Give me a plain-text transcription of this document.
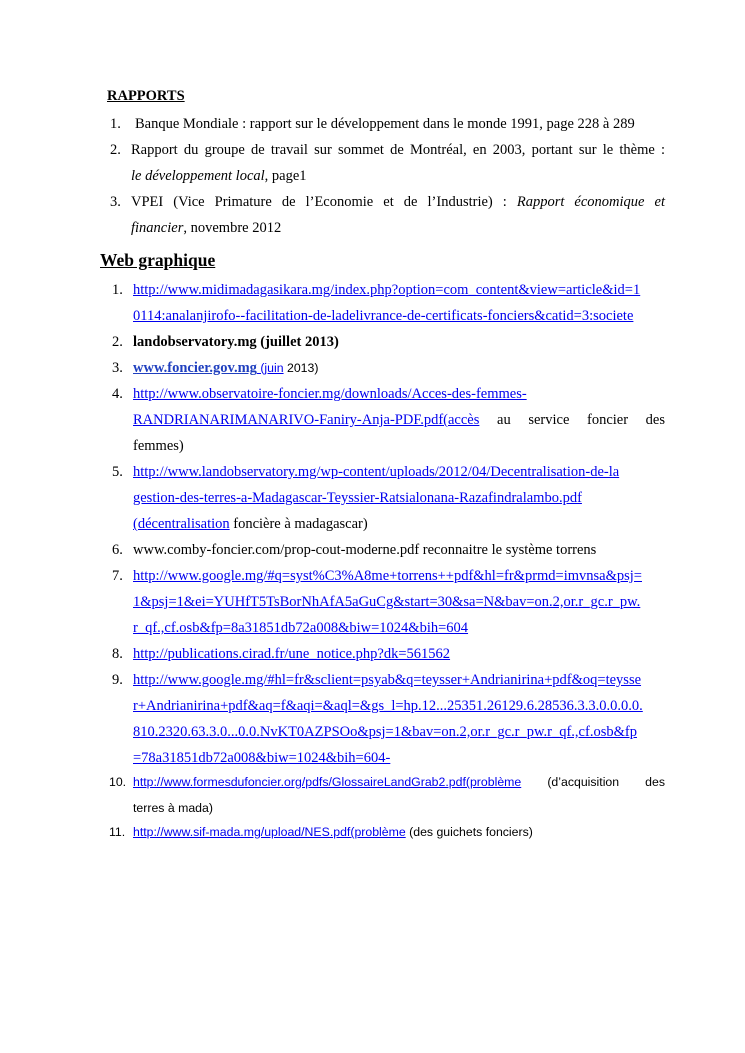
RAPPORTS
1. Banque Mondiale : rapport sur le développement dans le monde 1991, page 228 à 289
2. Rapport du groupe de travail sur sommet de Montréal, en 2003, portant sur le thème :
le développement local, page1
3. VPEI (Vice Primature de l’Economie et de l’Industrie) : Rapport économique et
financier, novembre 2012
Web graphique
1. http://www.midimadagasikara.mg/index.php?option=com_content&view=article&id=1
0114:analanjirofo--facilitation-de-ladelivrance-de-certificats-fonciers&catid=3:societe
2. landobservatory.mg (juillet 2013)
3. www.foncier.gov.mg (juin 2013)
4. http://www.observatoire-foncier.mg/downloads/Acces-des-femmes-
RANDRIANARIMANARIVO-Faniry-Anja-PDF.pdf(accès au service foncier des
femmes)
5. http://www.landobservatory.mg/wp-content/uploads/2012/04/Decentralisation-de-la
gestion-des-terres-a-Madagascar-Teyssier-Ratsialonana-Razafindralambo.pdf
(décentralisation foncière à madagascar)
6. www.comby-foncier.com/prop-cout-moderne.pdf reconnaitre le système torrens
7. http://www.google.mg/#q=syst%C3%A8me+torrens++pdf&hl=fr&prmd=imvnsa&psj=
1&psj=1&ei=YUHfT5TsBorNhAfA5aGuCg&start=30&sa=N&bav=on.2,or.r_gc.r_pw.
r_qf.,cf.osb&fp=8a31851db72a008&biw=1024&bih=604
8. http://publications.cirad.fr/une_notice.php?dk=561562
9. http://www.google.mg/#hl=fr&sclient=psyab&q=teysser+Andrianirina+pdf&oq=teysse
r+Andrianirina+pdf&aq=f&aqi=&aql=&gs_l=hp.12...25351.26129.6.28536.3.3.0.0.0.0.
810.2320.63.3.0...0.0.NvKT0AZPSOo&psj=1&bav=on.2,or.r_gc.r_pw.r_qf.,cf.osb&fp
=78a31851db72a008&biw=1024&bih=604-
10. http://www.formesdufoncier.org/pdfs/GlossaireLandGrab2.pdf(problème (d’acquisition des
terres à mada)
11. http://www.sif-mada.mg/upload/NES.pdf(problème (des guichets fonciers)
